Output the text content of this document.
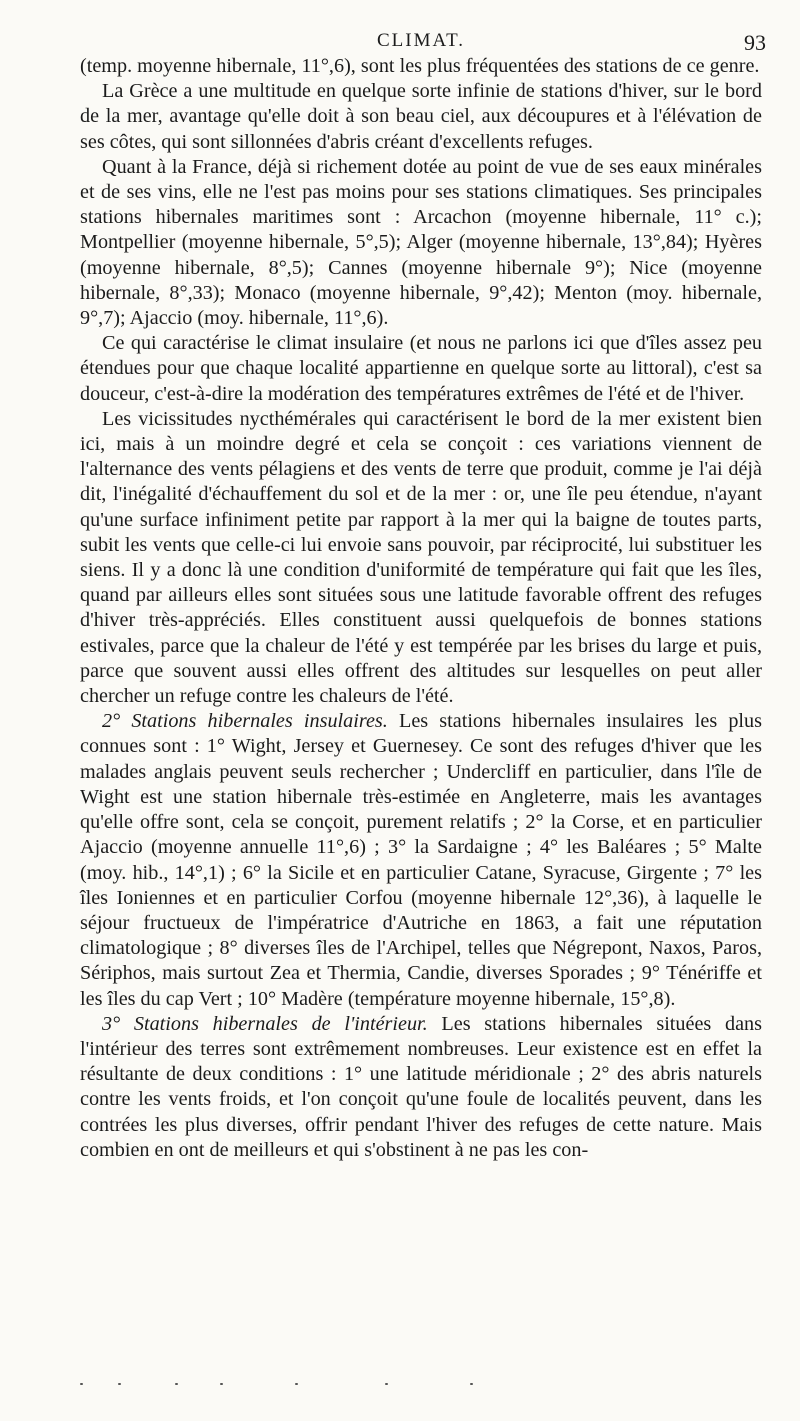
CLIMAT.	93

(temp. moyenne hibernale, 11°,6), sont les plus fréquentées des stations de ce genre.

La Grèce a une multitude en quelque sorte infinie de stations d'hiver, sur le bord de la mer, avantage qu'elle doit à son beau ciel, aux découpures et à l'élévation de ses côtes, qui sont sillonnées d'abris créant d'excellents refuges.

Quant à la France, déjà si richement dotée au point de vue de ses eaux minérales et de ses vins, elle ne l'est pas moins pour ses stations climatiques. Ses principales stations hibernales maritimes sont : Arcachon (moyenne hibernale, 11° c.); Montpellier (moyenne hibernale, 5°,5); Alger (moyenne hibernale, 13°,84); Hyères (moyenne hibernale, 8°,5); Cannes (moyenne hibernale 9°); Nice (moyenne hibernale, 8°,33); Monaco (moyenne hibernale, 9°,42); Menton (moy. hibernale, 9°,7); Ajaccio (moy. hibernale, 11°,6).

Ce qui caractérise le climat insulaire (et nous ne parlons ici que d'îles assez peu étendues pour que chaque localité appartienne en quelque sorte au littoral), c'est sa douceur, c'est-à-dire la modération des températures extrêmes de l'été et de l'hiver.

Les vicissitudes nycthémérales qui caractérisent le bord de la mer existent bien ici, mais à un moindre degré et cela se conçoit : ces variations viennent de l'alternance des vents pélagiens et des vents de terre que produit, comme je l'ai déjà dit, l'inégalité d'échauffement du sol et de la mer : or, une île peu étendue, n'ayant qu'une surface infiniment petite par rapport à la mer qui la baigne de toutes parts, subit les vents que celle-ci lui envoie sans pouvoir, par réciprocité, lui substituer les siens. Il y a donc là une condition d'uniformité de température qui fait que les îles, quand par ailleurs elles sont situées sous une latitude favorable offrent des refuges d'hiver très-appréciés. Elles constituent aussi quelquefois de bonnes stations estivales, parce que la chaleur de l'été y est tempérée par les brises du large et puis, parce que souvent aussi elles offrent des altitudes sur lesquelles on peut aller chercher un refuge contre les chaleurs de l'été.

2° Stations hibernales insulaires. Les stations hibernales insulaires les plus connues sont : 1° Wight, Jersey et Guernesey. Ce sont des refuges d'hiver que les malades anglais peuvent seuls rechercher ; Undercliff en particulier, dans l'île de Wight est une station hibernale très-estimée en Angleterre, mais les avantages qu'elle offre sont, cela se conçoit, purement relatifs ; 2° la Corse, et en particulier Ajaccio (moyenne annuelle 11°,6) ; 3° la Sardaigne ; 4° les Baléares ; 5° Malte (moy. hib., 14°,1) ; 6° la Sicile et en particulier Catane, Syracuse, Girgente ; 7° les îles Ioniennes et en particulier Corfou (moyenne hibernale 12°,36), à laquelle le séjour fructueux de l'impératrice d'Autriche en 1863, a fait une réputation climatologique ; 8° diverses îles de l'Archipel, telles que Négrepont, Naxos, Paros, Sériphos, mais surtout Zea et Thermia, Candie, diverses Sporades ; 9° Ténériffe et les îles du cap Vert ; 10° Madère (température moyenne hibernale, 15°,8).

3° Stations hibernales de l'intérieur. Les stations hibernales situées dans l'intérieur des terres sont extrêmement nombreuses. Leur existence est en effet la résultante de deux conditions : 1° une latitude méridionale ; 2° des abris naturels contre les vents froids, et l'on conçoit qu'une foule de localités peuvent, dans les contrées les plus diverses, offrir pendant l'hiver des refuges de cette nature. Mais combien en ont de meilleurs et qui s'obstinent à ne pas les con-
